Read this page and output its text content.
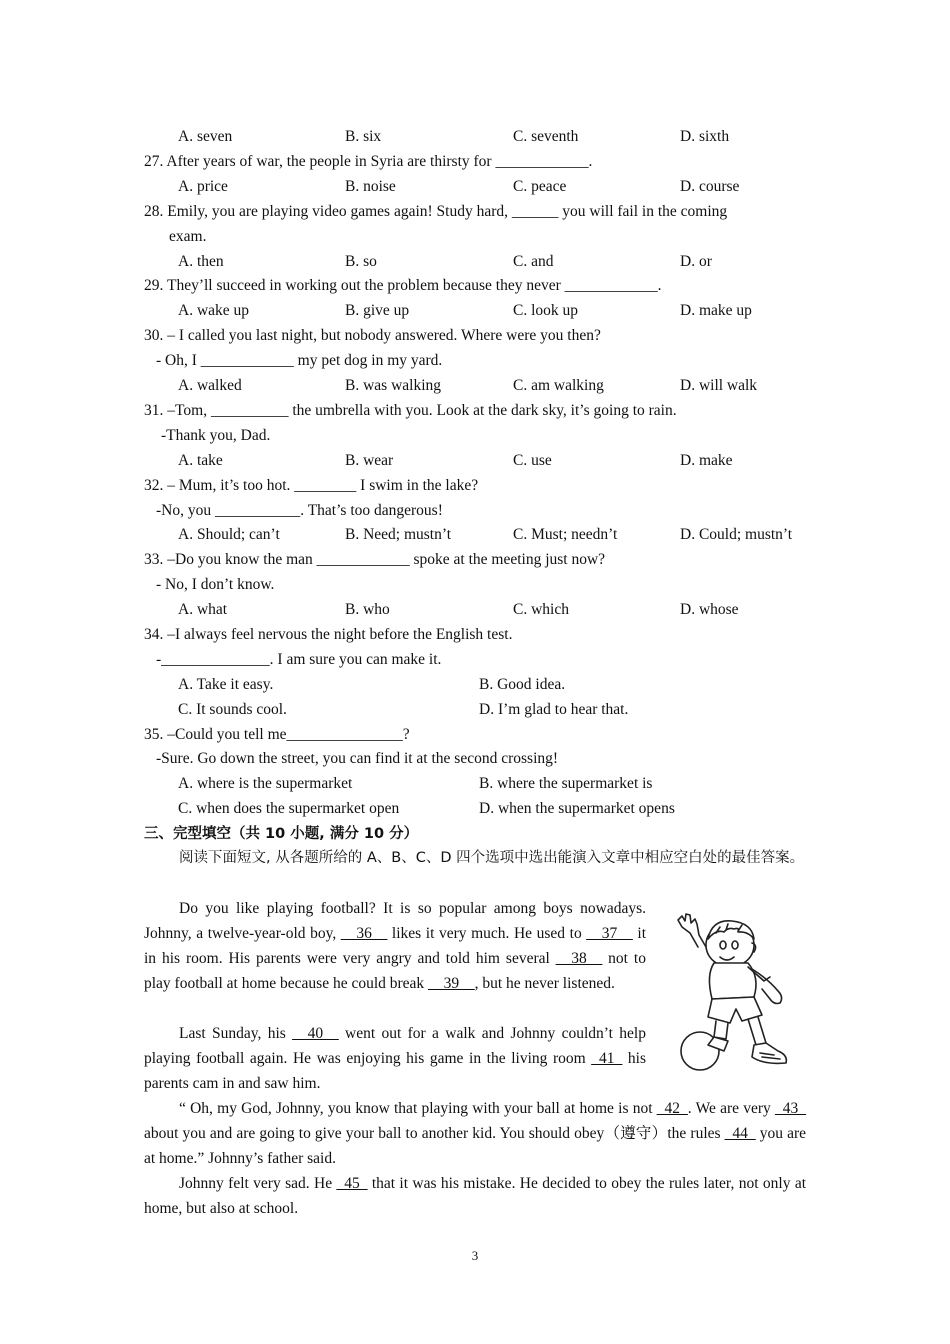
A. seven	B. six	C. seventh	D. sixth
27. After years of war, the people in Syria are thirsty for ____________.
A. price	B. noise	C. peace	D. course
28. Emily, you are playing video games again! Study hard, ______ you will fail in the coming
exam.
A. then	B. so	C. and	D. or
29. They’ll succeed in working out the problem because they never ____________.
A. wake up	B. give up	C. look up	D. make up
30. – I called you last night, but nobody answered. Where were you then?
- Oh, I ____________ my pet dog in my yard.
A. walked	B. was walking	C. am walking	D. will walk
31. –Tom, __________ the umbrella with you. Look at the dark sky, it’s going to rain.
-Thank you, Dad.
A. take	B. wear	C. use	D. make
32. – Mum, it’s too hot. ________ I swim in the lake?
-No, you ___________. That’s too dangerous!
A. Should; can’t	B. Need; mustn’t	C. Must; needn’t	D. Could; mustn’t
33. –Do you know the man ____________ spoke at the meeting just now?
- No, I don’t know.
A. what	B. who	C. which	D. whose
34. –I always feel nervous the night before the English test.
-______________. I am sure you can make it.
A. Take it easy.	B. Good idea.
C. It sounds cool.	D. I’m glad to hear that.
35. –Could you tell me_______________?
-Sure. Go down the street, you can find it at the second crossing!
A. where is the supermarket	B. where the supermarket is
C. when does the supermarket open	D. when the supermarket opens
三、完型填空（共 10 小题, 满分 10 分）
阅读下面短文, 从各题所给的 A、B、C、D 四个选项中选出能演入文章中相应空白处的最佳答案。
Do you like playing football? It is so popular among boys nowadays. Johnny, a twelve-year-old boy, __36__ likes it very much. He used to __37__ it in his room. His parents were very angry and told him several __38__ not to play football at home because he could break __39__, but he never listened.
Last Sunday, his __40__ went out for a walk and Johnny couldn’t help playing football again. He was enjoying his game in the living room _41_ his parents cam in and saw him.
“ Oh, my God, Johnny, you know that playing with your ball at home is not _42_. We are very _43_ about you and are going to give your ball to another kid. You should obey（遵守）the rules _44_ you are at home.” Johnny’s father said.
Johnny felt very sad. He _45_ that it was his mistake. He decided to obey the rules later, not only at home, but also at school.
3
